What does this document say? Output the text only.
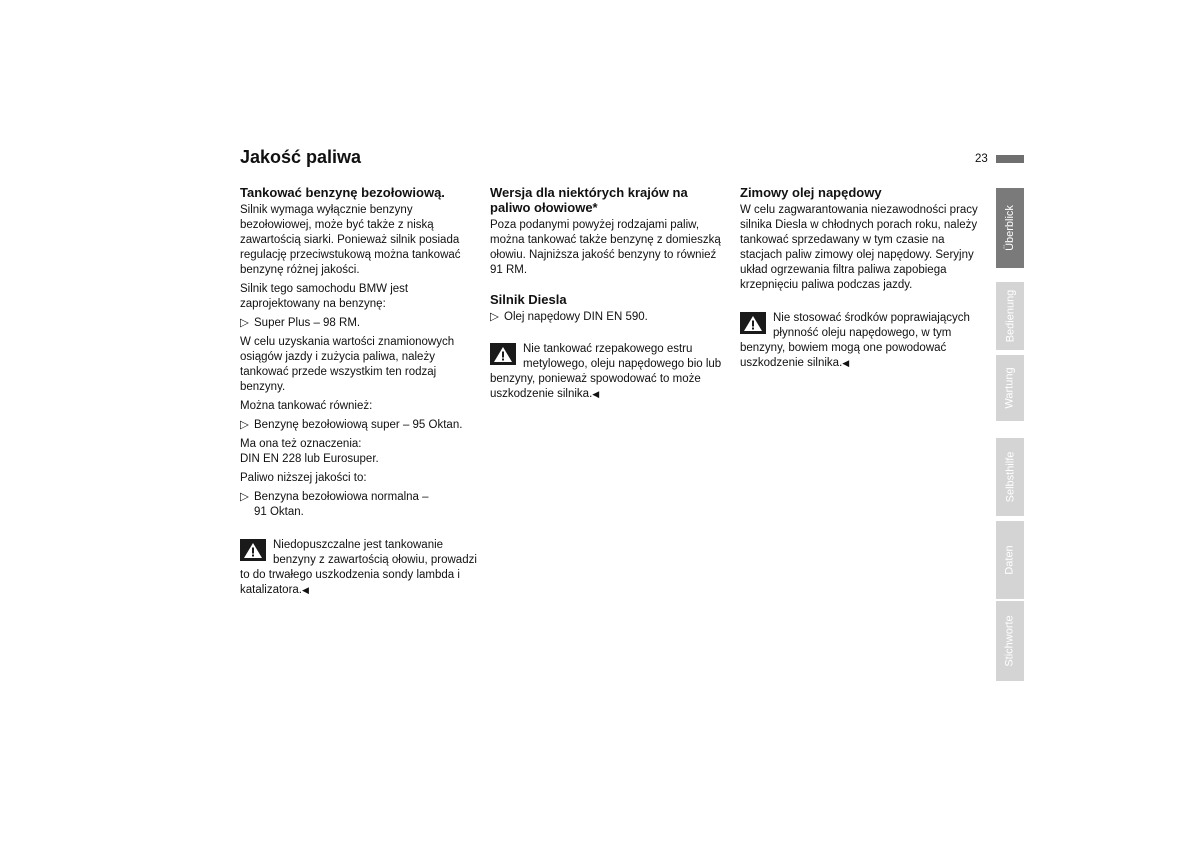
Jakość paliwa	23
Tankować benzynę bezołowiową.

Silnik wymaga wyłącznie benzyny bezołowiowej, może być także z niską zawartością siarki. Ponieważ silnik posiada regulację przeciwstukową można tankować benzynę różnej jakości.

Silnik tego samochodu BMW jest zaprojektowany na benzynę:

▷ Super Plus – 98 RM.

W celu uzyskania wartości znamionowych osiągów jazdy i zużycia paliwa, należy tankować przede wszystkim ten rodzaj benzyny.

Można tankować również:

▷ Benzynę bezołowiową super – 95 Oktan.

Ma ona też oznaczenia:
DIN EN 228 lub Eurosuper.

Paliwo niższej jakości to:

▷ Benzyna bezołowiowa normalna –
91 Oktan.
Niedopuszczalne jest tankowanie benzyny z zawartością ołowiu, prowadzi to do trwałego uszkodzenia sondy lambda i katalizatora.◀
Wersja dla niektórych krajów na paliwo ołowiowe*

Poza podanymi powyżej rodzajami paliw, można tankować także benzynę z domieszką ołowiu. Najniższa jakość benzyny to równieź 91 RM.

Silnik Diesla
▷ Olej napędowy DIN EN 590.
Nie tankować rzepakowego estru metylowego, oleju napędowego bio lub benzyny, ponieważ spowodować to może uszkodzenie silnika.◀
Zimowy olej napędowy

W celu zagwarantowania niezawodności pracy silnika Diesla w chłodnych porach roku, należy tankować sprzedawany w tym czasie na stacjach paliw zimowy olej napędowy. Seryjny układ ogrzewania filtra paliwa zapobiega krzepnięciu paliwa podczas jazdy.

Nie stosować środków poprawiających płynność oleju napędowego, w tym benzyny, bowiem mogą one powodować uszkodzenie silnika.◀
Überblick
Bedienung
Wartung
Selbsthilfe
Daten
Stichworte
